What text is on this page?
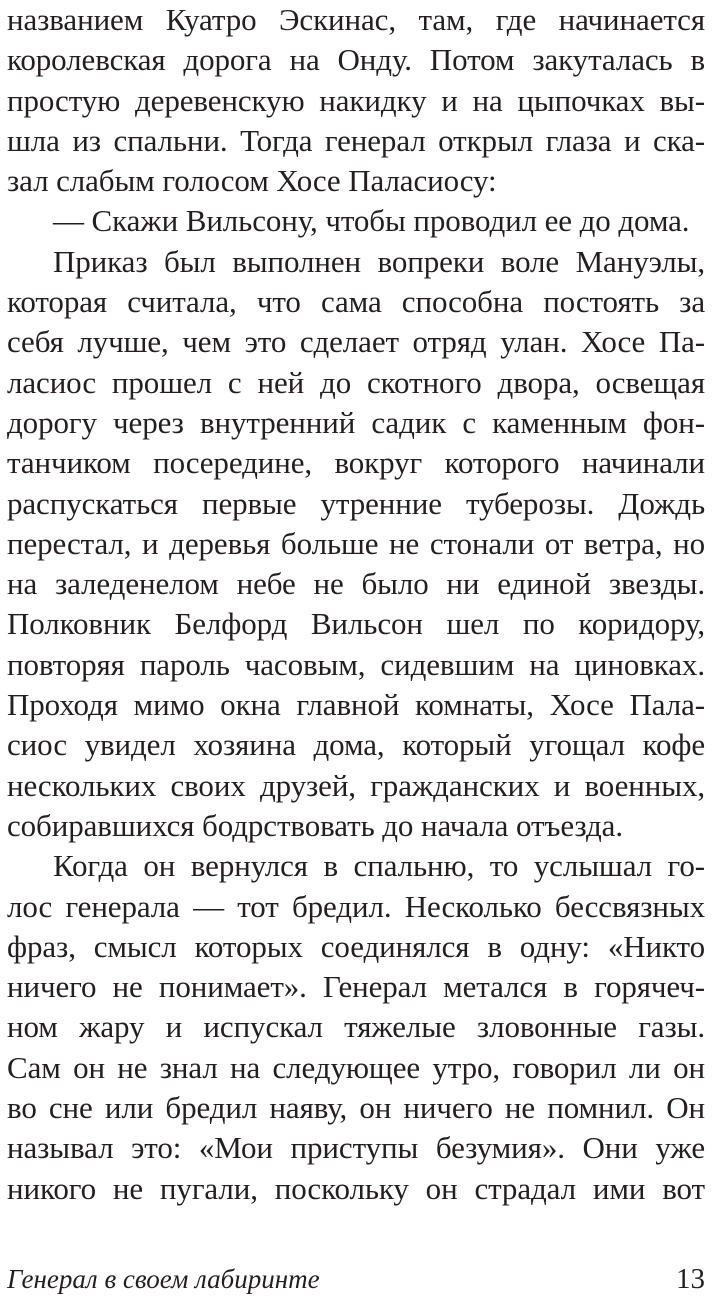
названием Куатро Эскинас, там, где начинается
королевская дорога на Онду. Потом закуталась в
простую деревенскую накидку и на цыпочках вы-
шла из спальни. Тогда генерал открыл глаза и ска-
зал слабым голосом Хосе Паласиосу:
— Скажи Вильсону, чтобы проводил ее до дома.
Приказ был выполнен вопреки воле Мануэлы,
которая считала, что сама способна постоять за
себя лучше, чем это сделает отряд улан. Хосе Па-
ласиос прошел с ней до скотного двора, освещая
дорогу через внутренний садик с каменным фон-
танчиком посередине, вокруг которого начинали
распускаться первые утренние туберозы. Дождь
перестал, и деревья больше не стонали от ветра, но
на заледенелом небе не было ни единой звезды.
Полковник Белфорд Вильсон шел по коридору,
повторяя пароль часовым, сидевшим на циновках.
Проходя мимо окна главной комнаты, Хосе Пала-
сиос увидел хозяина дома, который угощал кофе
нескольких своих друзей, гражданских и военных,
собиравшихся бодрствовать до начала отъезда.
Когда он вернулся в спальню, то услышал го-
лос генерала — тот бредил. Несколько бессвязных
фраз, смысл которых соединялся в одну: «Никто
ничего не понимает». Генерал метался в горячеч-
ном жару и испускал тяжелые зловонные газы.
Сам он не знал на следующее утро, говорил ли он
во сне или бредил наяву, он ничего не помнил. Он
называл это: «Мои приступы безумия». Они уже
никого не пугали, поскольку он страдал ими вот
Генерал в своем лабиринте	13
